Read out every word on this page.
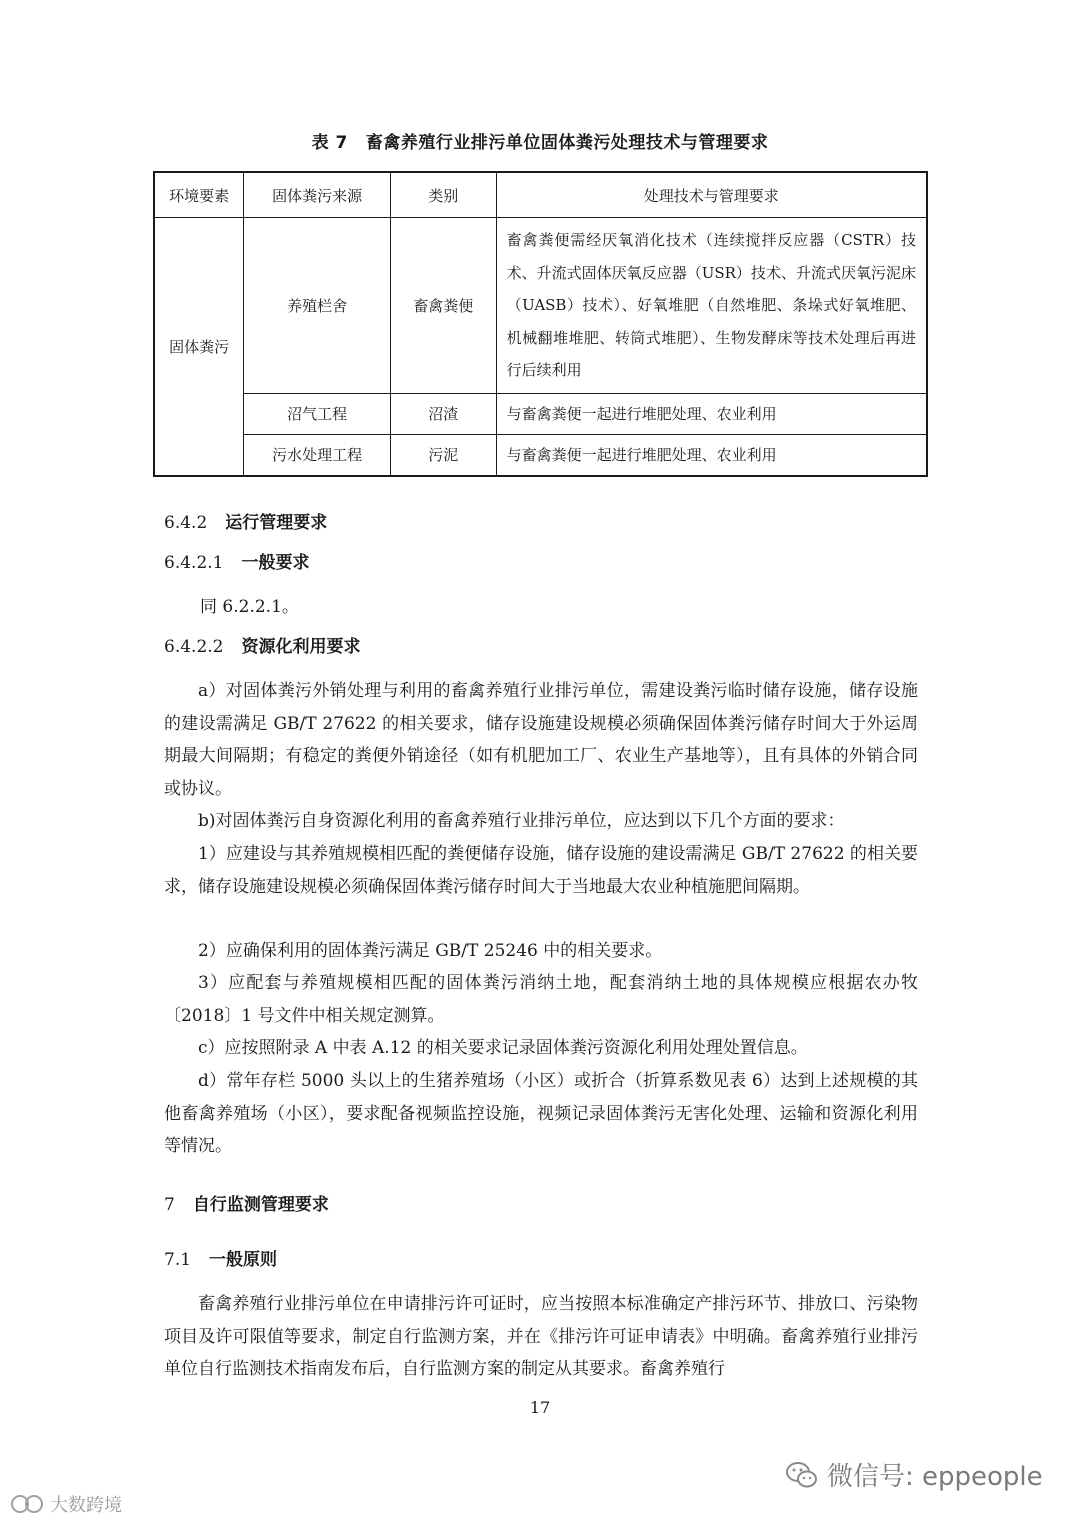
表 7 畜禽养殖行业排污单位固体粪污处理技术与管理要求
环境要素	固体粪污来源	类别	处理技术与管理要求
固体粪污	养殖栏舍	畜禽粪便	畜禽粪便需经厌氧消化技术（连续搅拌反应器（CSTR）技术、升流式固体厌氧反应器（USR）技术、升流式厌氧污泥床（UASB）技术）、好氧堆肥（自然堆肥、条垛式好氧堆肥、机械翻堆堆肥、转筒式堆肥）、生物发酵床等技术处理后再进行后续利用
	沼气工程	沼渣	与畜禽粪便一起进行堆肥处理、农业利用
	污水处理工程	污泥	与畜禽粪便一起进行堆肥处理、农业利用
6.4.2 运行管理要求
6.4.2.1 一般要求
同 6.2.2.1。
6.4.2.2 资源化利用要求
a）对固体粪污外销处理与利用的畜禽养殖行业排污单位，需建设粪污临时储存设施，储存设施的建设需满足 GB/T 27622 的相关要求，储存设施建设规模必须确保固体粪污储存时间大于外运周期最大间隔期；有稳定的粪便外销途径（如有机肥加工厂、农业生产基地等），且有具体的外销合同或协议。
b)对固体粪污自身资源化利用的畜禽养殖行业排污单位，应达到以下几个方面的要求：
1）应建设与其养殖规模相匹配的粪便储存设施，储存设施的建设需满足 GB/T 27622 的相关要求，储存设施建设规模必须确保固体粪污储存时间大于当地最大农业种植施肥间隔期。
2）应确保利用的固体粪污满足 GB/T 25246 中的相关要求。
3）应配套与养殖规模相匹配的固体粪污消纳土地，配套消纳土地的具体规模应根据农办牧〔2018〕1 号文件中相关规定测算。
c）应按照附录 A 中表 A.12 的相关要求记录固体粪污资源化利用处理处置信息。
d）常年存栏 5000 头以上的生猪养殖场（小区）或折合（折算系数见表 6）达到上述规模的其他畜禽养殖场（小区），要求配备视频监控设施，视频记录固体粪污无害化处理、运输和资源化利用等情况。
7 自行监测管理要求
7.1 一般原则
畜禽养殖行业排污单位在申请排污许可证时，应当按照本标准确定产排污环节、排放口、污染物项目及许可限值等要求，制定自行监测方案，并在《排污许可证申请表》中明确。畜禽养殖行业排污单位自行监测技术指南发布后，自行监测方案的制定从其要求。畜禽养殖行
17
微信号: eppeople
大数跨境
